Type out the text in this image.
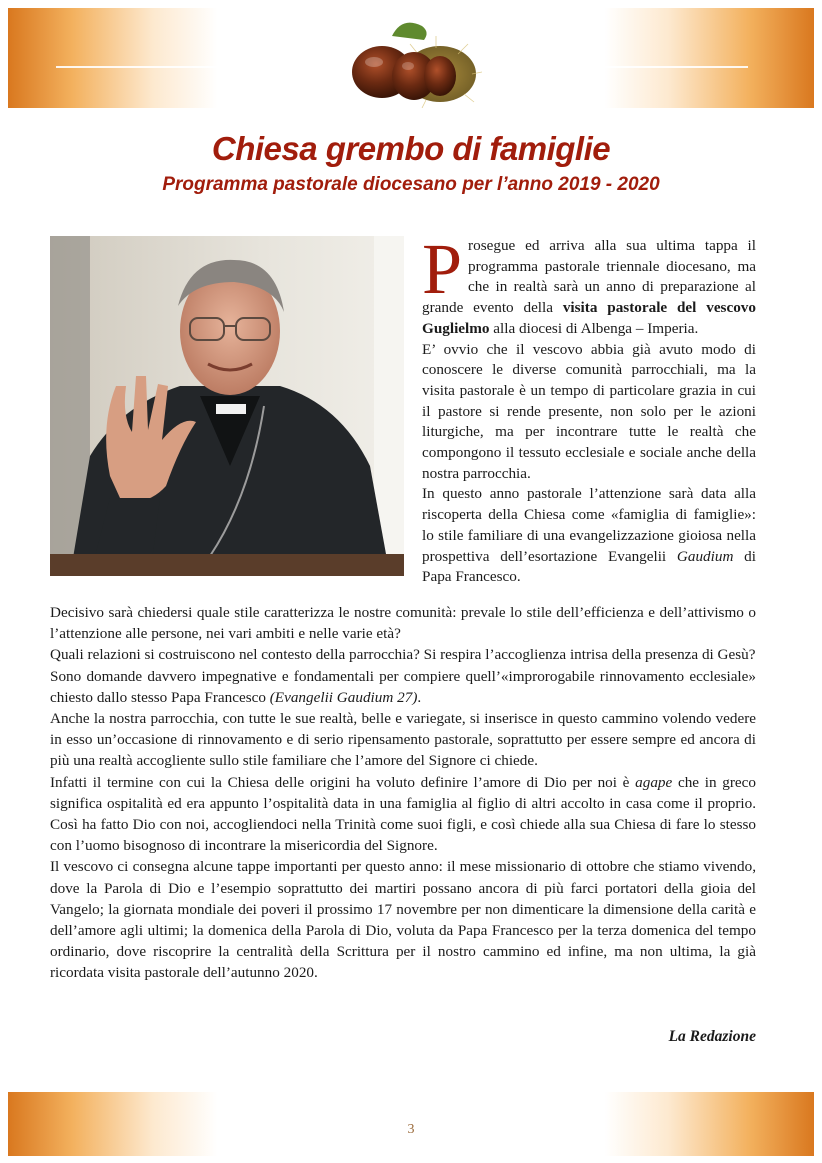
Chiesa grembo di famiglie
Programma pastorale diocesano per l’anno 2019 - 2020
P rosegue ed arriva alla sua ultima tappa il programma pastorale triennale diocesano, ma che in realtà sarà un anno di preparazione al grande evento della visita pastorale del vescovo Guglielmo alla diocesi di Albenga – Imperia.

E’ ovvio che il vescovo abbia già avuto modo di conoscere le diverse comunità parrocchiali, ma la visita pastorale è un tempo di particolare grazia in cui il pastore si rende presente, non solo per le azioni liturgiche, ma per incontrare tutte le realtà che compongono il tessuto ecclesiale e sociale anche della nostra parrocchia.

In questo anno pastorale l’attenzione sarà data alla riscoperta della Chiesa come «famiglia di famiglie»: lo stile familiare di una evangelizzazione gioiosa nella prospettiva dell’esortazione Evangelii Gaudium di Papa Francesco.

Decisivo sarà chiedersi quale stile caratterizza le nostre comunità: prevale lo stile dell’efficienza e dell’attivismo o l’attenzione alle persone, nei vari ambiti e nelle varie età?

Quali relazioni si costruiscono nel contesto della parrocchia? Si respira l’accoglienza intrisa della presenza di Gesù?

Sono domande davvero impegnative e fondamentali per compiere quell’«improrogabile rinnovamento ecclesiale» chiesto dallo stesso Papa Francesco (Evangelii Gaudium 27).

Anche la nostra parrocchia, con tutte le sue realtà, belle e variegate, si inserisce in questo cammino volendo vedere in esso un’occasione di rinnovamento e di serio ripensamento pastorale, soprattutto per essere sempre ed ancora di più una realtà accogliente sullo stile familiare che l’amore del Signore ci chiede.

Infatti il termine con cui la Chiesa delle origini ha voluto definire l’amore di Dio per noi è agape che in greco significa ospitalità ed era appunto l’ospitalità data in una famiglia al figlio di altri accolto in casa come il proprio. Così ha fatto Dio con noi, accogliendoci nella Trinità come suoi figli, e così chiede alla sua Chiesa di fare lo stesso con l’uomo bisognoso di incontrare la misericordia del Signore.

Il vescovo ci consegna alcune tappe importanti per questo anno: il mese missionario di ottobre che stiamo vivendo, dove la Parola di Dio e l’esempio soprattutto dei martiri possano ancora di più farci portatori della gioia del Vangelo; la giornata mondiale dei poveri il prossimo 17 novembre per non dimenticare la dimensione della carità e dell’amore agli ultimi; la domenica della Parola di Dio, voluta da Papa Francesco per la terza domenica del tempo ordinario, dove riscoprire la centralità della Scrittura per il nostro cammino ed infine, ma non ultima, la già ricordata visita pastorale dell’autunno 2020.

La Redazione
3
